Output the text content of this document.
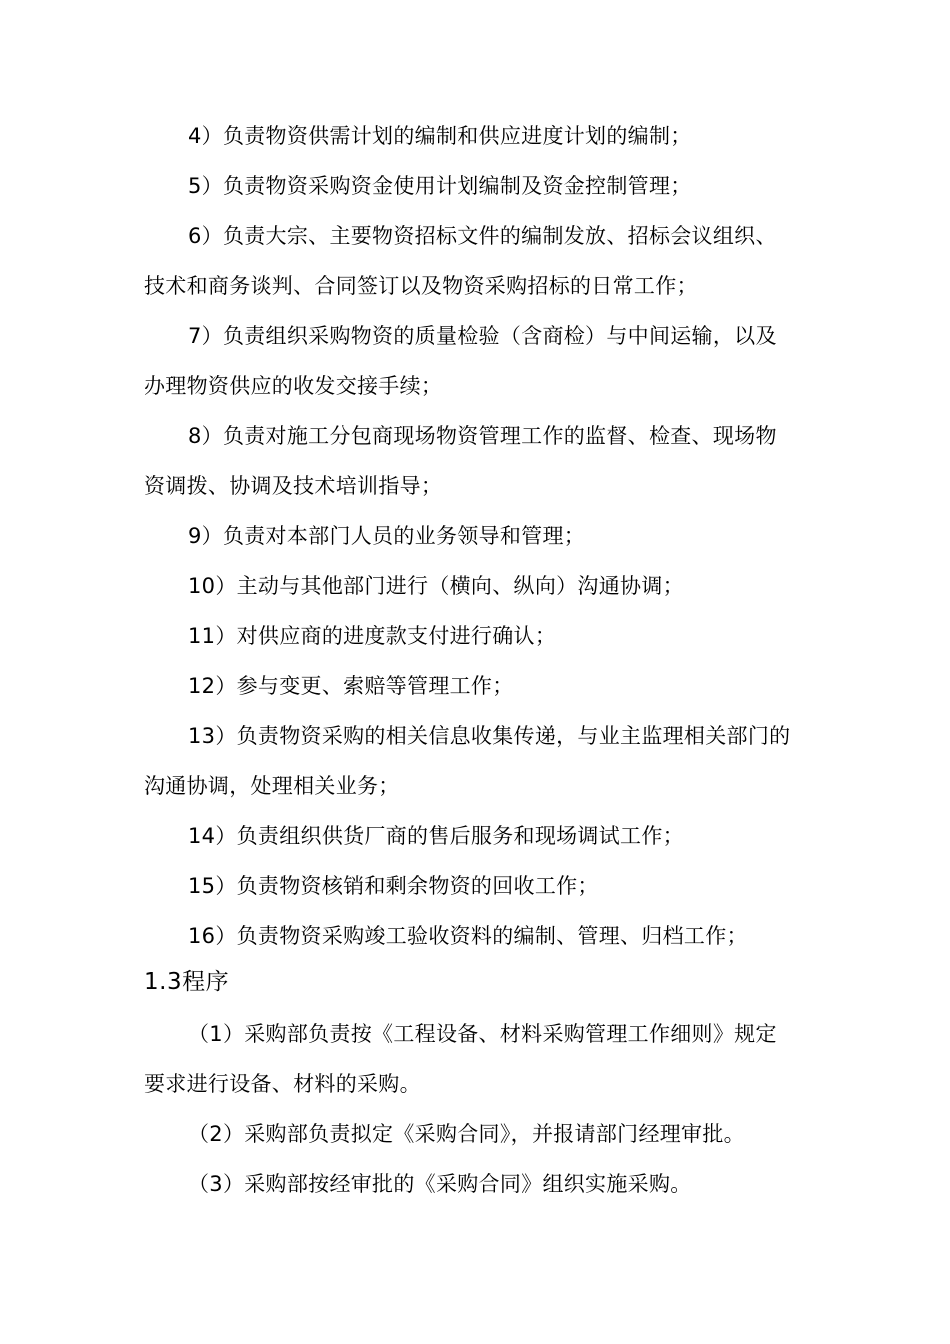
4）负责物资供需计划的编制和供应进度计划的编制；
5）负责物资采购资金使用计划编制及资金控制管理；
6）负责大宗、主要物资招标文件的编制发放、招标会议组织、
技术和商务谈判、合同签订以及物资采购招标的日常工作；
7）负责组织采购物资的质量检验（含商检）与中间运输，以及
办理物资供应的收发交接手续；
8）负责对施工分包商现场物资管理工作的监督、检查、现场物
资调拨、协调及技术培训指导；
9）负责对本部门人员的业务领导和管理；
10）主动与其他部门进行（横向、纵向）沟通协调；
11）对供应商的进度款支付进行确认；
12）参与变更、索赔等管理工作；
13）负责物资采购的相关信息收集传递，与业主监理相关部门的
沟通协调，处理相关业务；
14）负责组织供货厂商的售后服务和现场调试工作；
15）负责物资核销和剩余物资的回收工作；
16）负责物资采购竣工验收资料的编制、管理、归档工作；
1.3程序
（1）采购部负责按《工程设备、材料采购管理工作细则》规定
要求进行设备、材料的采购。
（2）采购部负责拟定《采购合同》，并报请部门经理审批。
（3）采购部按经审批的《采购合同》组织实施采购。
